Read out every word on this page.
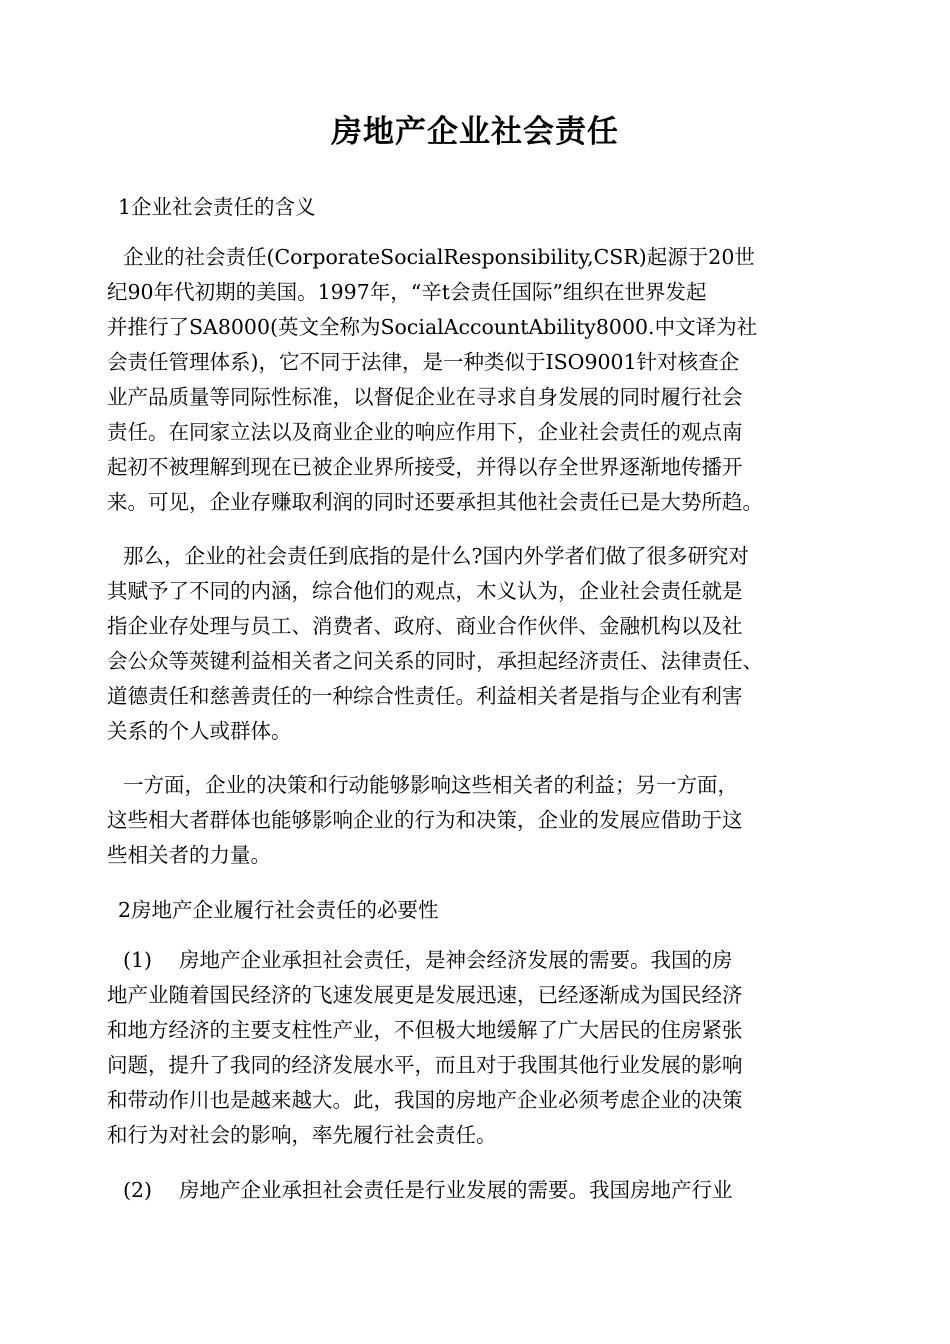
房地产企业社会责任
1企业社会责任的含义
企业的社会责任(CorporateSocialResponsibility,CSR)起源于20世
纪90年代初期的美国。1997年，“辛t会责任国际”组织在世界发起
并推行了SA8000(英文全称为SocialAccountAbility8000.中文译为社
会责任管理体系)，它不同于法律，是一种类似于ISO9001针对核查企
业产品质量等同际性标准，以督促企业在寻求自身发展的同时履行社会
责任。在同家立法以及商业企业的响应作用下，企业社会责任的观点南
起初不被理解到现在已被企业界所接受，并得以存全世界逐渐地传播开
来。可见，企业存赚取利润的同时还要承担其他社会责任已是大势所趋。
那么，企业的社会责任到底指的是什么?国内外学者们做了很多研究对
其赋予了不同的内涵，综合他们的观点，木义认为，企业社会责任就是
指企业存处理与员工、消费者、政府、商业合作伙伴、金融机构以及社
会公众等莢键利益相关者之问关系的同时，承担起经济责任、法律责任、
道德责任和慈善责任的一种综合性责任。利益相关者是指与企业有利害
关系的个人或群体。
一方面，企业的决策和行动能够影响这些相关者的利益；另一方面，
这些相大者群体也能够影响企业的行为和决策，企业的发展应借助于这
些相关者的力量。
2房地产企业履行社会责任的必要性
(1)　 房地产企业承担社会责任，是神会经济发展的需要。我国的房
地产业随着国民经济的飞速发展更是发展迅速，已经逐渐成为国民经济
和地方经济的主要支柱性产业，不但极大地缓解了广大居民的住房紧张
问题，提升了我同的经济发展水平，而且对于我围其他行业发展的影响
和带动作川也是越来越大。此，我国的房地产企业必须考虑企业的决策
和行为对社会的影响，率先履行社会责任。
(2)　 房地产企业承担社会责任是行业发展的需要。我国房地产行业
